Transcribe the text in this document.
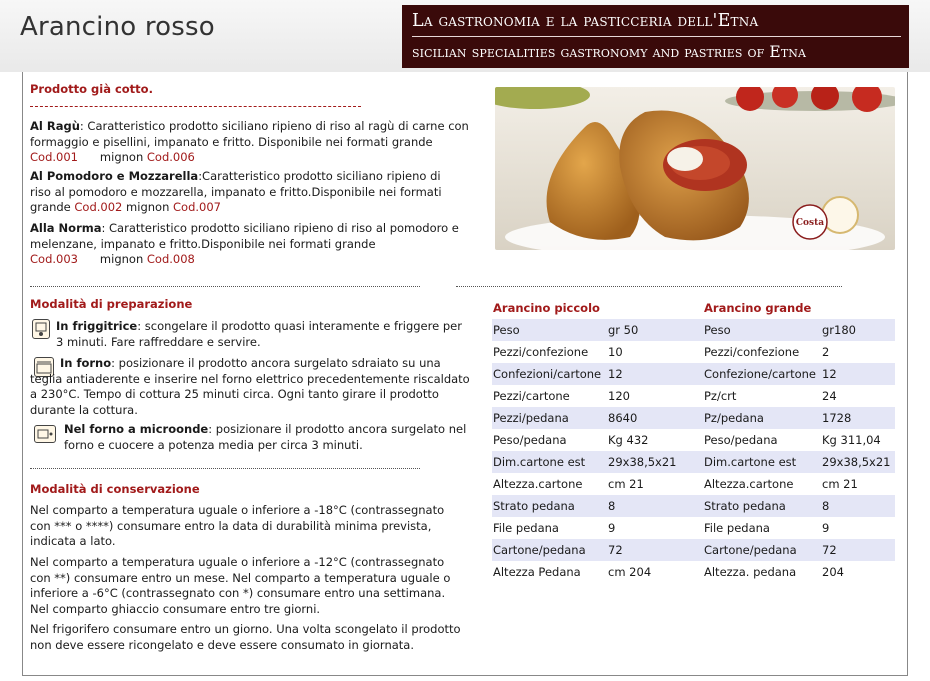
Arancino rosso	La gastronomia e la pasticceria dell'Etna
sicilian specialities gastronomy and pastries of Etna
Prodotto già cotto.
Al Ragù: Caratteristico prodotto siciliano ripieno di riso al ragù di carne con formaggio e pisellini, impanato e fritto. Disponibile nei formati grande Cod.001 mignon Cod.006
Al Pomodoro e Mozzarella:Caratteristico prodotto siciliano ripieno di riso al pomodoro e mozzarella, impanato e fritto.Disponibile nei formati grande Cod.002 mignon Cod.007
Alla Norma: Caratteristico prodotto siciliano ripieno di riso al pomodoro e melenzane, impanato e fritto.Disponibile nei formati grande Cod.003 mignon Cod.008
Costa
Modalità di preparazione
In friggitrice: scongelare il prodotto quasi interamente e friggere per 3 minuti. Fare raffreddare e servire.
In forno: posizionare il prodotto ancora surgelato sdraiato su una teglia antiaderente e inserire nel forno elettrico precedentemente riscaldato a 230°C. Tempo di cottura 25 minuti circa. Ogni tanto girare il prodotto durante la cottura.
Nel forno a microonde: posizionare il prodotto ancora surgelato nel forno e cuocere a potenza media per circa 3 minuti.
Modalità di conservazione
Nel comparto a temperatura uguale o inferiore a -18°C (contrassegnato con *** o ****) consumare entro la data di durabilità minima prevista, indicata a lato.
Nel comparto a temperatura uguale o inferiore a -12°C (contrassegnato con **) consumare entro un mese. Nel comparto a temperatura uguale o inferiore a -6°C (contrassegnato con *) consumare entro una settimana. Nel comparto ghiaccio consumare entro tre giorni.
Nel frigorifero consumare entro un giorno. Una volta scongelato il prodotto non deve essere ricongelato e deve essere consumato in giornata.
Arancino piccolo		Arancino grande	
Peso	gr 50	Peso	gr180
Pezzi/confezione	10	Pezzi/confezione	2
Confezioni/cartone	12	Confezione/cartone	12
Pezzi/cartone	120	Pz/crt	24
Pezzi/pedana	8640	Pz/pedana	1728
Peso/pedana	Kg 432	Peso/pedana	Kg 311,04
Dim.cartone est	29x38,5x21	Dim.cartone est	29x38,5x21
Altezza.cartone	cm 21	Altezza.cartone	cm 21
Strato pedana	8	Strato pedana	8
File pedana	9	File pedana	9
Cartone/pedana	72	Cartone/pedana	72
Altezza Pedana	cm 204	Altezza. pedana	204
